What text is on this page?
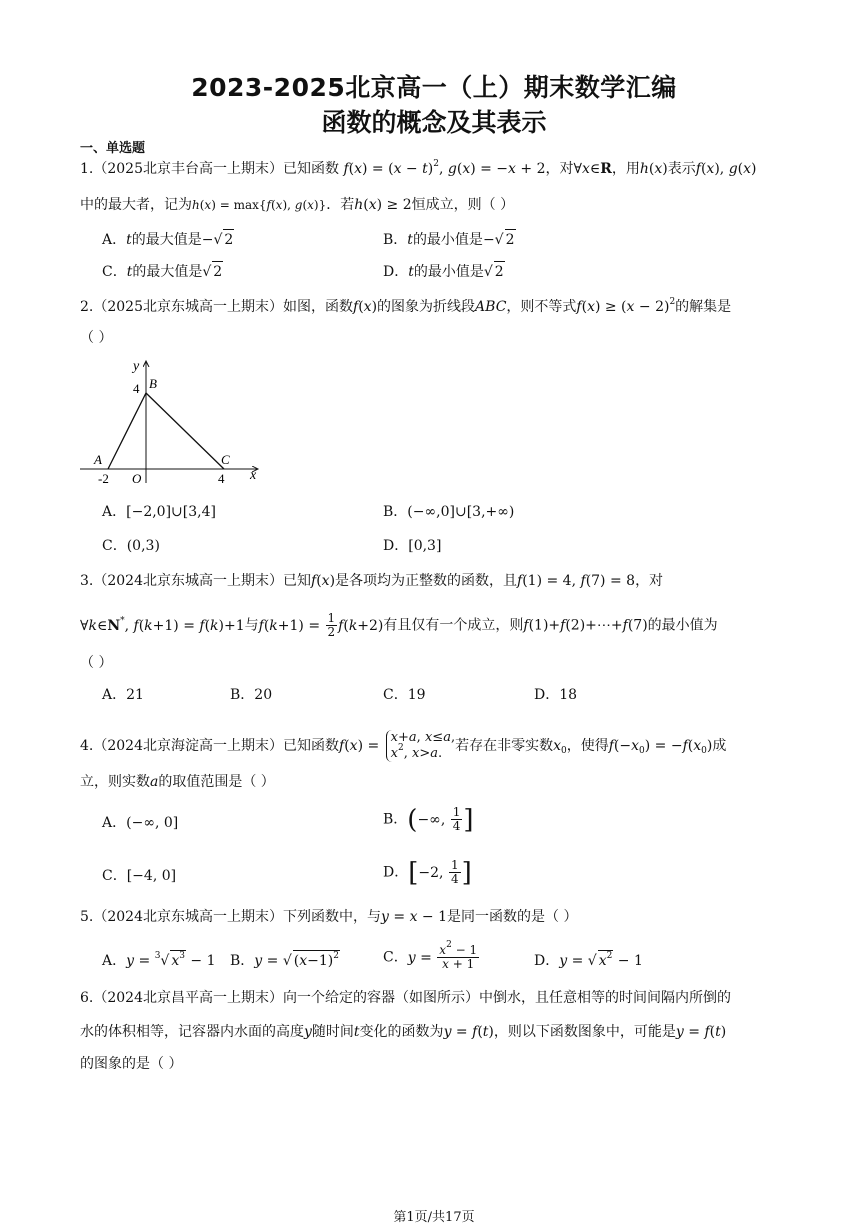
2023-2025北京高一（上）期末数学汇编
函数的概念及其表示
一、单选题
1.（2025北京丰台高一上期末）已知函数 $f(x) = (x - t)^2$, g(x) = −x + 2，对∀x∈R，用h(x)表示f(x), g(x)
中的最大者，记为h(x) = max{f(x), g(x)}．若h(x) ≥ 2恒成立，则（ ）
A．t的最大值是−√ 2	B．t的最小值是−√ 2
C．t的最大值是√ 2	D．t的最小值是√ 2
2.（2025北京东城高一上期末）如图，函数f(x)的图象为折线段ABC，则不等式$f(x) \ge (x - 2)^2$的解集是
（ ）
y
4 B
A	C
-2 O	4 x
A．[−2,0]∪[3,4]	B．(−∞,0]∪[3,+∞)
C．(0,3)	D．[0,3]
3.（2024北京东城高一上期末）已知f(x)是各项均为正整数的函数，且f(1) = 4, f(7) = 8，对
∀k∈N*, f(k+1) = f(k)+1与$f(k+1) = \frac{1}{2} f(k+2)$有且仅有一个成立，则f(1)+f(2)+⋯+f(7)的最小值为
（ ）
A．21	B．20	C．19	D．18
4.（2024北京海淀高一上期末）已知函数f(x) = x+a, x≤a,
$x^2$, x>a. 若存在非零实数$x_0$，使得$f(-x_0) = -f(x_0)$成
立，则实数a的取值范围是（ ）
A．(−∞, 0]	B．(−∞, $\frac{1}{4}$ ]
C．[−4, 0]	D．[−2, $\frac{1}{4}$ ]
5.（2024北京东城高一上期末）下列函数中，与y = x − 1是同一函数的是（ ）
A．y = $^3$√ $x^3 - 1$ B．y = √ $(x-1)^2$	C．$y = \frac{x^2 - 1}{x + 1}$	D．y = √ $x^2 - 1$
6.（2024北京昌平高一上期末）向一个给定的容器（如图所示）中倒水，且任意相等的时间间隔内所倒的
水的体积相等，记容器内水面的高度y随时间t变化的函数为y = f(t)，则以下函数图象中，可能是y = f(t)
的图象的是（ ）
第1页/共17页
